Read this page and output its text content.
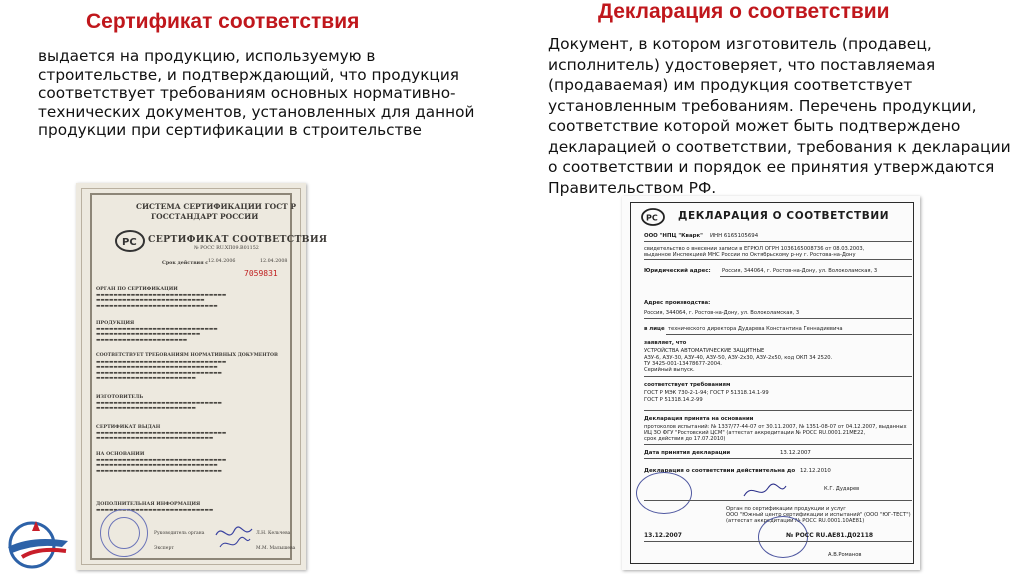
Сертификат соответствия	Декларация о соответствии
выдается на продукцию, используемую в строительстве, и подтверждающий, что продукция соответствует требованиям основных нормативно-технических документов, установленных для данной продукции при сертификации в строительстве
Документ, в котором изготовитель (продавец, исполнитель) удостоверяет, что поставляемая (продаваемая) им продукция соответствует установленным требованиям. Перечень продукции, соответствие которой может быть подтверждено декларацией о соответствии, требования к декларации о соответствии и порядок ее принятия утверждаются Правительством РФ.
СИСТЕМА СЕРТИФИКАЦИИ ГОСТ Р
ГОССТАНДАРТ РОССИИ
PC СЕРТИФИКАТ СООТВЕТСТВИЯ
№ РОСС RU.ХП09.В01152
Срок действия с 12.04.2006	12.04.2008
7059831
ОРГАН ПО СЕРТИФИКАЦИИ
▬▬▬▬▬▬▬▬▬▬▬▬▬▬▬▬▬▬▬▬▬▬▬▬▬▬▬▬▬▬
▬▬▬▬▬▬▬▬▬▬▬▬▬▬▬▬▬▬▬▬▬▬▬▬▬
▬▬▬▬▬▬▬▬▬▬▬▬▬▬▬▬▬▬▬▬▬▬▬▬▬▬▬▬
ПРОДУКЦИЯ
▬▬▬▬▬▬▬▬▬▬▬▬▬▬▬▬▬▬▬▬▬▬▬▬▬▬▬▬
▬▬▬▬▬▬▬▬▬▬▬▬▬▬▬▬▬▬▬▬▬▬▬▬
▬▬▬▬▬▬▬▬▬▬▬▬▬▬▬▬▬▬▬▬▬
СООТВЕТСТВУЕТ ТРЕБОВАНИЯМ НОРМАТИВНЫХ ДОКУМЕНТОВ
▬▬▬▬▬▬▬▬▬▬▬▬▬▬▬▬▬▬▬▬▬▬▬▬▬▬▬▬▬▬
▬▬▬▬▬▬▬▬▬▬▬▬▬▬▬▬▬▬▬▬▬▬▬▬▬▬▬▬
▬▬▬▬▬▬▬▬▬▬▬▬▬▬▬▬▬▬▬▬▬▬▬▬▬▬▬▬▬
▬▬▬▬▬▬▬▬▬▬▬▬▬▬▬▬▬▬▬▬▬▬▬
ИЗГОТОВИТЕЛЬ
▬▬▬▬▬▬▬▬▬▬▬▬▬▬▬▬▬▬▬▬▬▬▬▬▬▬▬▬▬
▬▬▬▬▬▬▬▬▬▬▬▬▬▬▬▬▬▬▬▬▬▬▬
СЕРТИФИКАТ ВЫДАН
▬▬▬▬▬▬▬▬▬▬▬▬▬▬▬▬▬▬▬▬▬▬▬▬▬▬▬▬▬▬
▬▬▬▬▬▬▬▬▬▬▬▬▬▬▬▬▬▬▬▬▬▬▬▬▬▬▬
НА ОСНОВАНИИ
▬▬▬▬▬▬▬▬▬▬▬▬▬▬▬▬▬▬▬▬▬▬▬▬▬▬▬▬▬▬
▬▬▬▬▬▬▬▬▬▬▬▬▬▬▬▬▬▬▬▬▬▬▬▬▬▬▬▬
▬▬▬▬▬▬▬▬▬▬▬▬▬▬▬▬▬▬▬▬▬▬▬▬▬▬▬▬▬
ДОПОЛНИТЕЛЬНАЯ ИНФОРМАЦИЯ
▬▬▬▬▬▬▬▬▬▬▬▬▬▬▬▬▬▬▬▬▬▬▬▬▬▬▬
Руководитель органа
Эксперт
Л.Н. Кельчева
М.М. Малышева
PC ДЕКЛАРАЦИЯ О СООТВЕТСТВИИ
ООО "НПЦ "Кварк" ИНН 6165105694
свидетельство о внесении записи в ЕГРЮЛ ОГРН 1036165008736 от 08.03.2003,
выданное Инспекцией МНС России по Октябрьскому р-ну г. Ростова-на-Дону
Юридический адрес: Россия, 344064, г. Ростов-на-Дону, ул. Волоколамская, 3
Адрес производства:
Россия, 344064, г. Ростов-на-Дону, ул. Волоколамская, 3
в лице технического директора Дударева Константина Геннадиевича
заявляет, что
УСТРОЙСТВА АВТОМАТИЧЕСКИЕ ЗАЩИТНЫЕ
АЗУ-6, АЗУ-30, АЗУ-40, АЗУ-50, АЗУ-2х30, АЗУ-2х50, код ОКП 34 2520.
ТУ 3425-001-13478677-2004.
Серийный выпуск.
соответствует требованиям
ГОСТ Р МЭК 730-2-1-94; ГОСТ Р 51318.14.1-99
ГОСТ Р 51318.14.2-99
Декларация принята на основании
протоколов испытаний: № 1337/77-44-07 от 30.11.2007, № 1351-08-07 от 04.12.2007, выданных
ИЦ ЗО ФГУ "Ростовский ЦСМ" (аттестат аккредитации № РОСС RU.0001.21МЕ22,
срок действия до 17.07.2010)
Дата принятия декларации	13.12.2007
Декларация о соответствии действительна до 12.12.2010
К.Г. Дударев
Орган по сертификации продукции и услуг
ООО "Южный центр сертификации и испытаний" (ООО "ЮГ-ТЕСТ")
(аттестат аккредитации № РОСС RU.0001.10АЕ81)
13.12.2007	№ РОСС RU.АЕ81.Д02118
А.В.Романов
